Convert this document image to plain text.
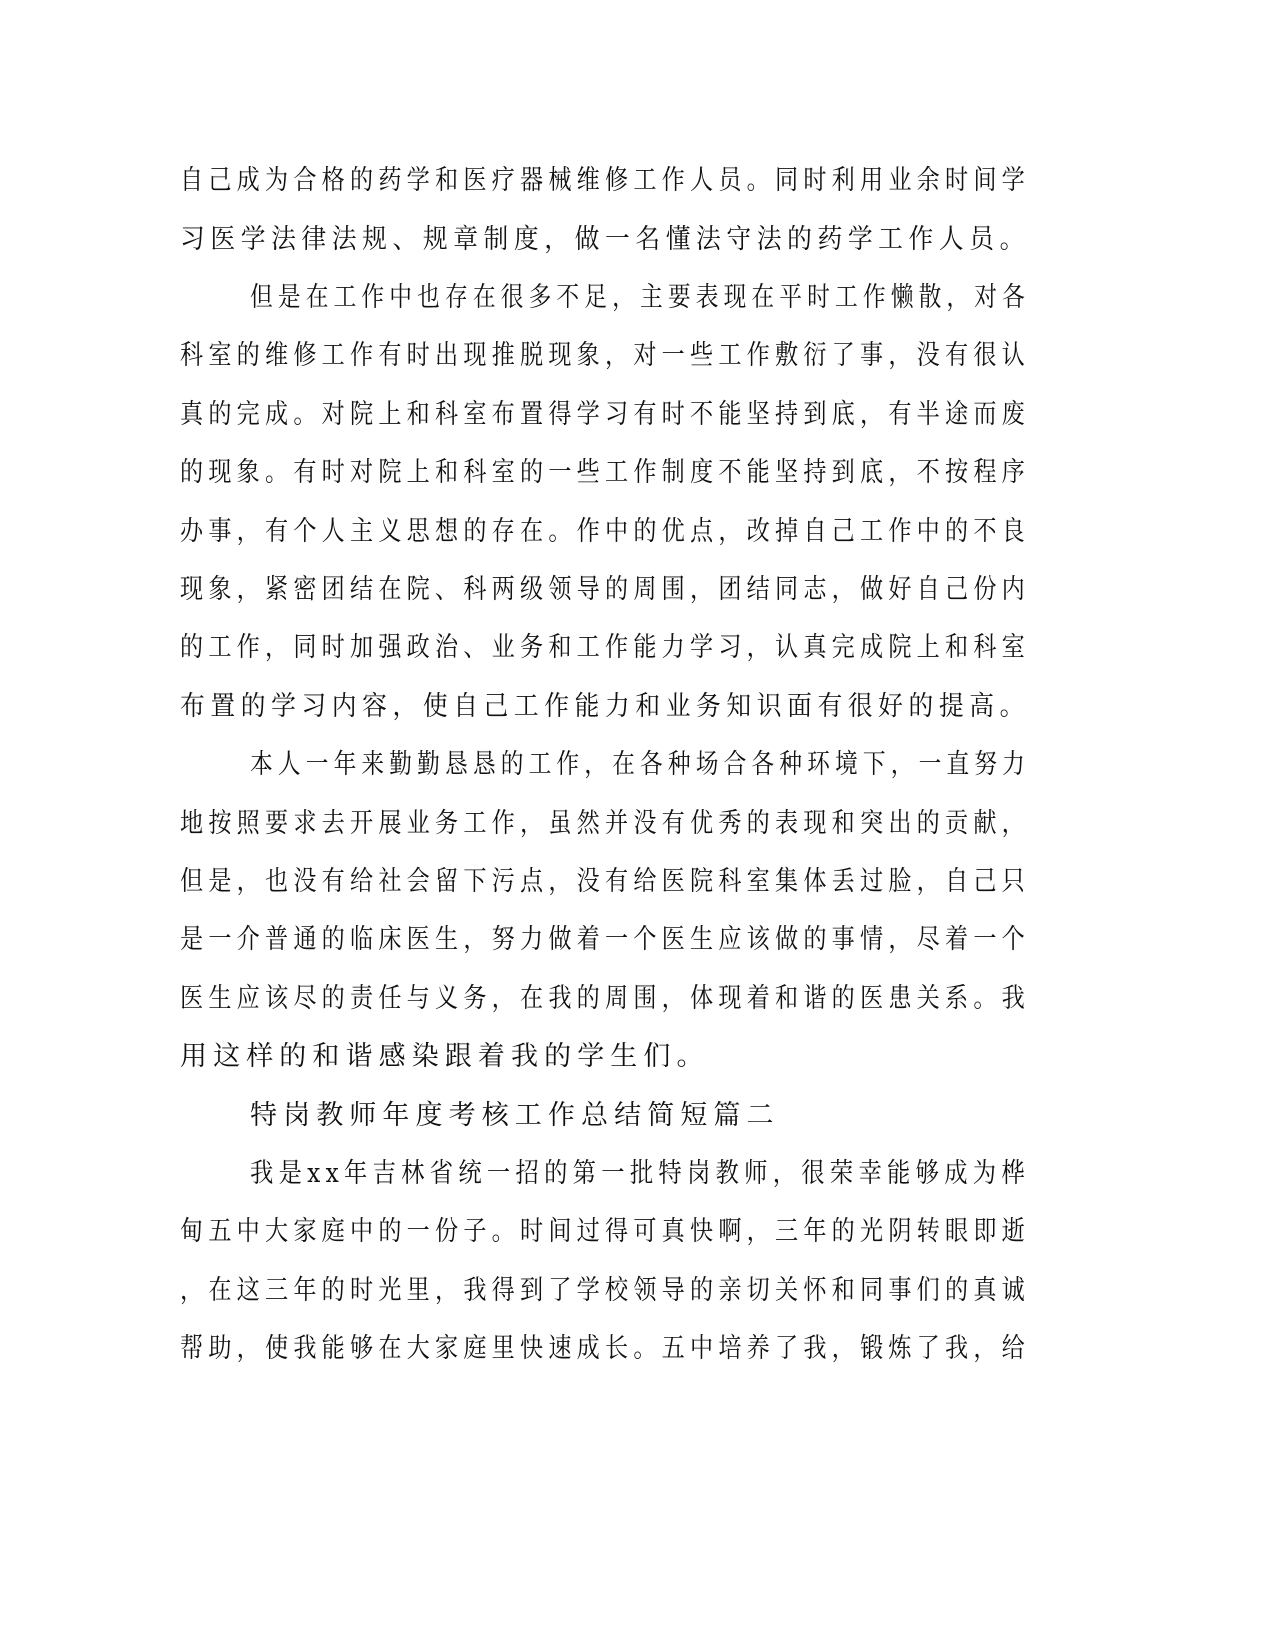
自己成为合格的药学和医疗器械维修工作人员。同时利用业余时间学
习医学法律法规、规章制度，做一名懂法守法的药学工作人员。
但是在工作中也存在很多不足，主要表现在平时工作懒散，对各
科室的维修工作有时出现推脱现象，对一些工作敷衍了事，没有很认
真的完成。对院上和科室布置得学习有时不能坚持到底，有半途而废
的现象。有时对院上和科室的一些工作制度不能坚持到底，不按程序
办事，有个人主义思想的存在。作中的优点，改掉自己工作中的不良
现象，紧密团结在院、科两级领导的周围，团结同志，做好自己份内
的工作，同时加强政治、业务和工作能力学习，认真完成院上和科室
布置的学习内容，使自己工作能力和业务知识面有很好的提高。
本人一年来勤勤恳恳的工作，在各种场合各种环境下，一直努力
地按照要求去开展业务工作，虽然并没有优秀的表现和突出的贡献，
但是，也没有给社会留下污点，没有给医院科室集体丢过脸，自己只
是一介普通的临床医生，努力做着一个医生应该做的事情，尽着一个
医生应该尽的责任与义务，在我的周围，体现着和谐的医患关系。我
用这样的和谐感染跟着我的学生们。
特岗教师年度考核工作总结简短篇二
我是xx年吉林省统一招的第一批特岗教师，很荣幸能够成为桦
甸五中大家庭中的一份子。时间过得可真快啊，三年的光阴转眼即逝
，在这三年的时光里，我得到了学校领导的亲切关怀和同事们的真诚
帮助，使我能够在大家庭里快速成长。五中培养了我，锻炼了我，给
